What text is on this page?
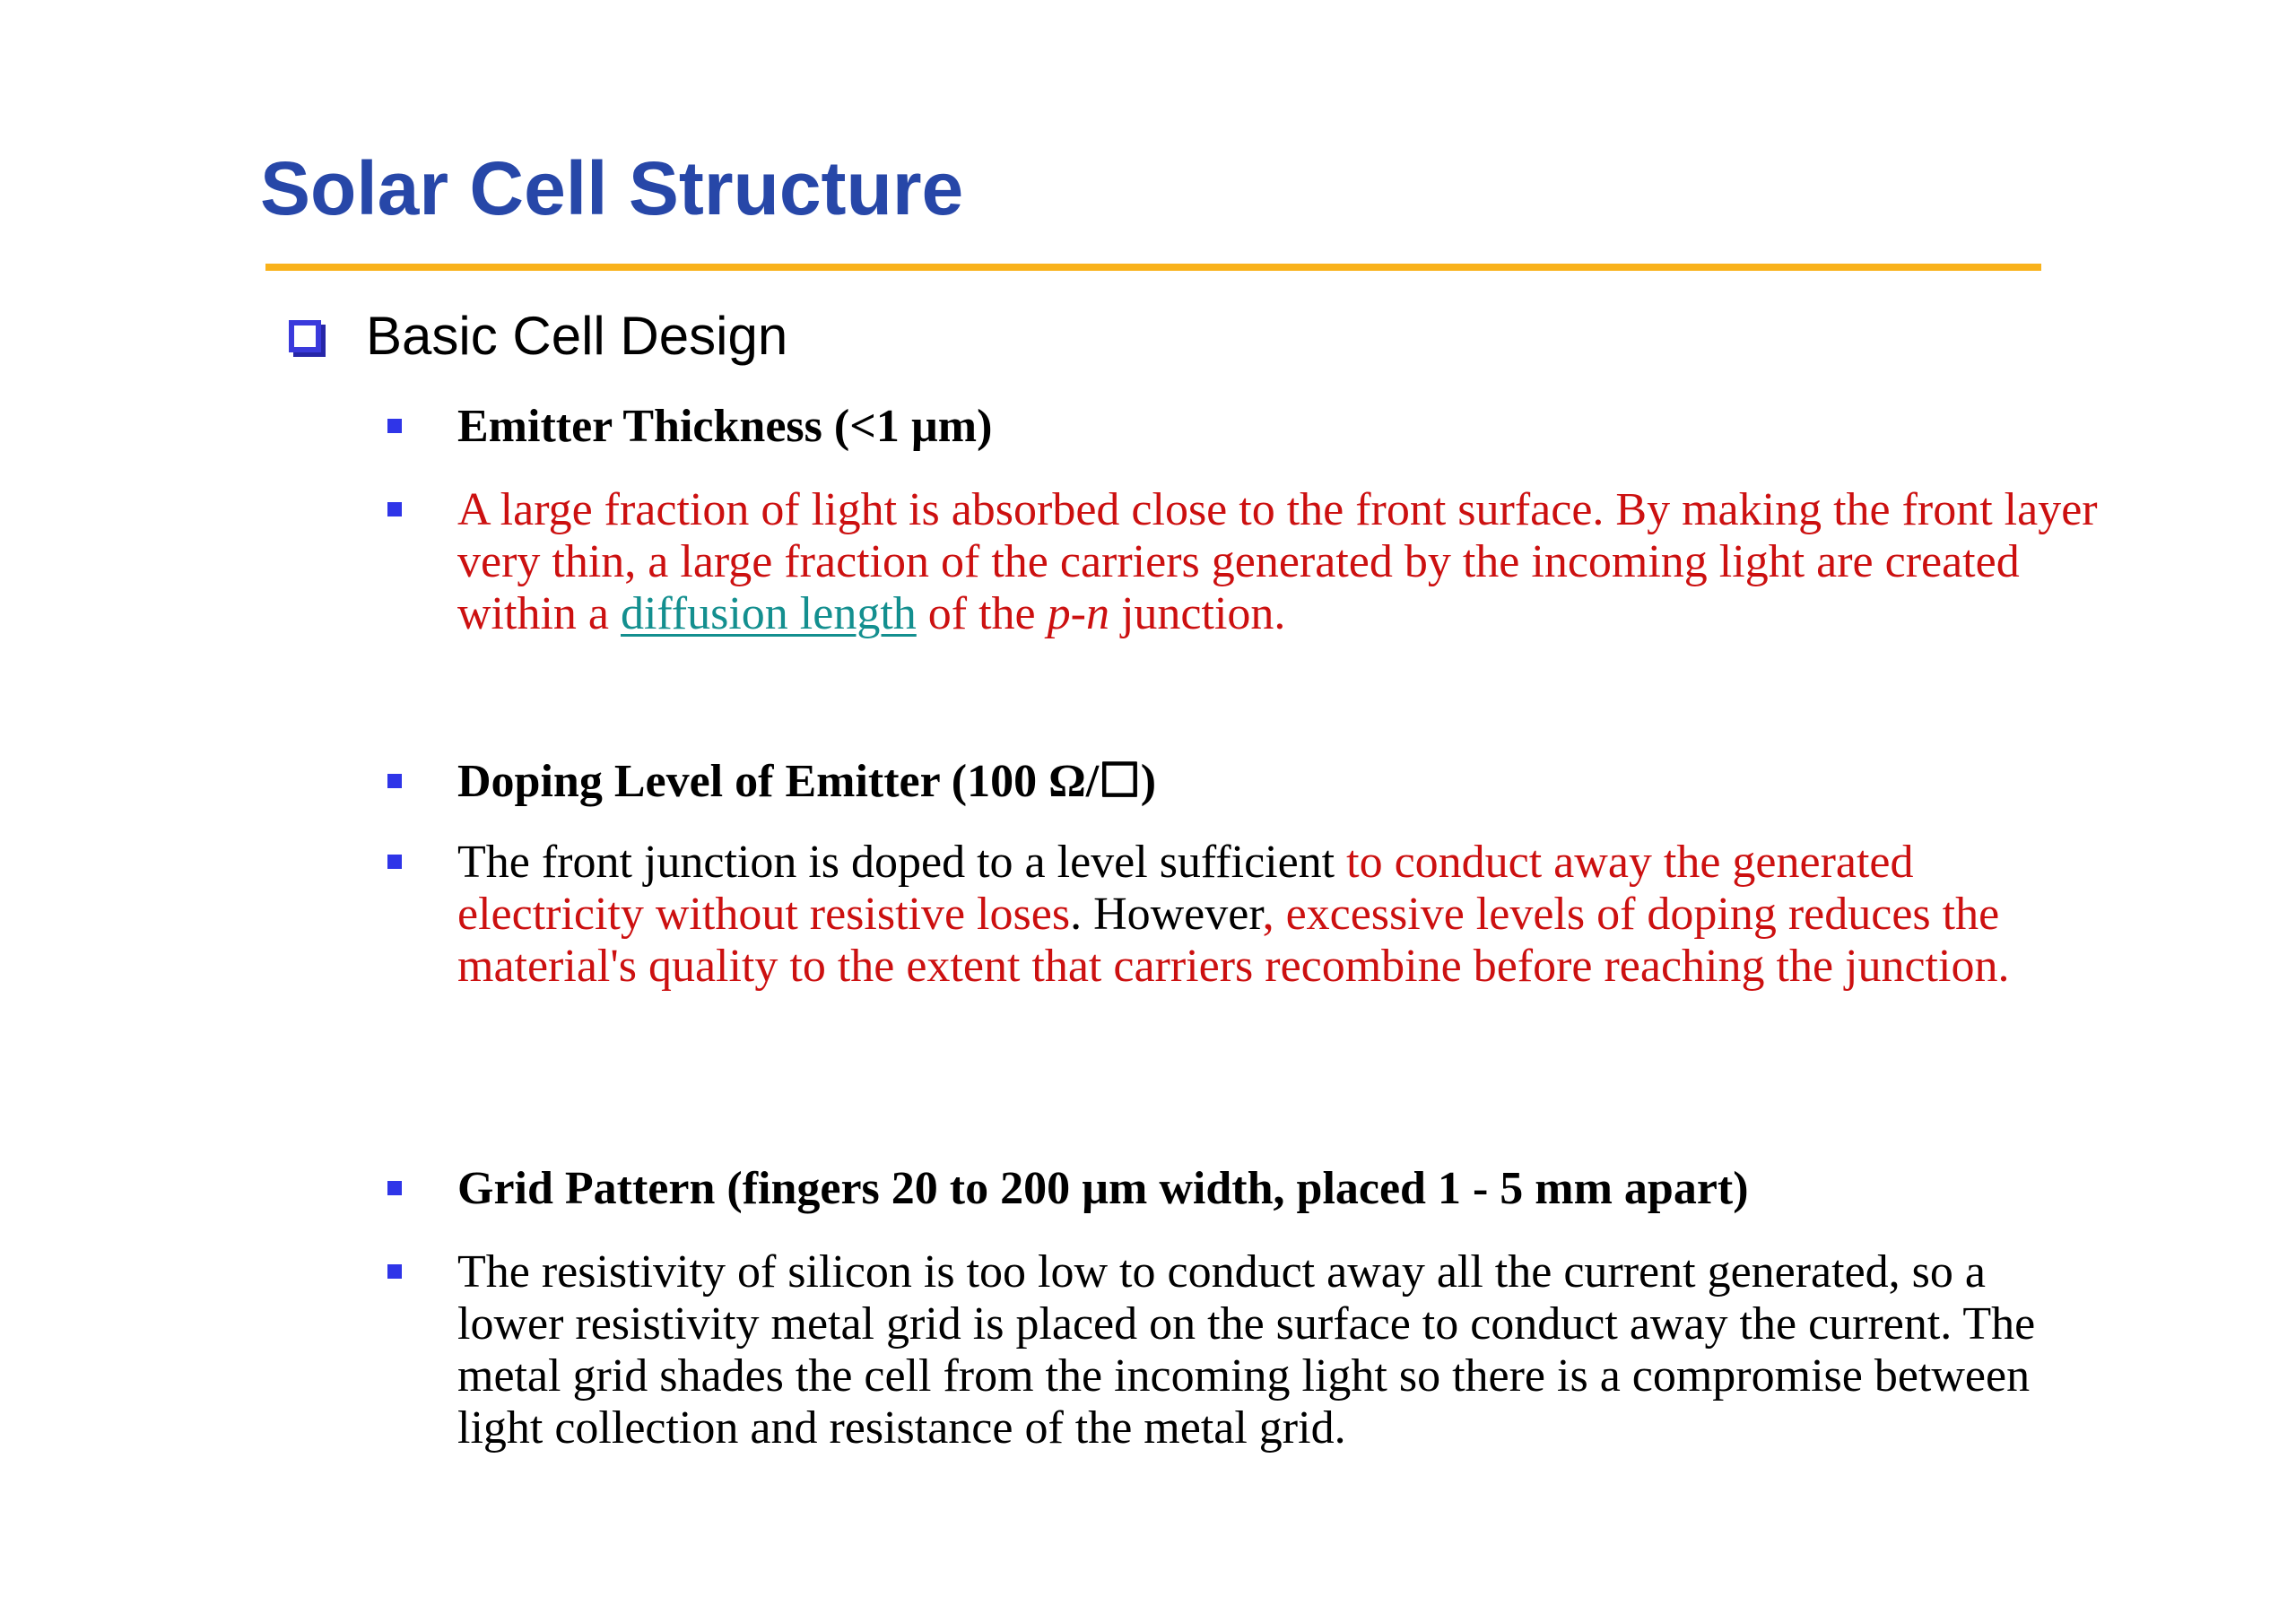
Solar Cell Structure
Basic Cell Design

Emitter Thickness (<1 µm)

A large fraction of light is absorbed close to the front surface. By making the front layer very thin, a large fraction of the carriers generated by the incoming light are created within a diffusion length of the p-n junction.

Doping Level of Emitter (100 Ω/☐)

The front junction is doped to a level sufficient to conduct away the generated electricity without resistive loses. However, excessive levels of doping reduces the material's quality to the extent that carriers recombine before reaching the junction.

Grid Pattern (fingers 20 to 200 µm width, placed 1 - 5 mm apart)

The resistivity of silicon is too low to conduct away all the current generated, so a lower resistivity metal grid is placed on the surface to conduct away the current. The metal grid shades the cell from the incoming light so there is a compromise between light collection and resistance of the metal grid.
